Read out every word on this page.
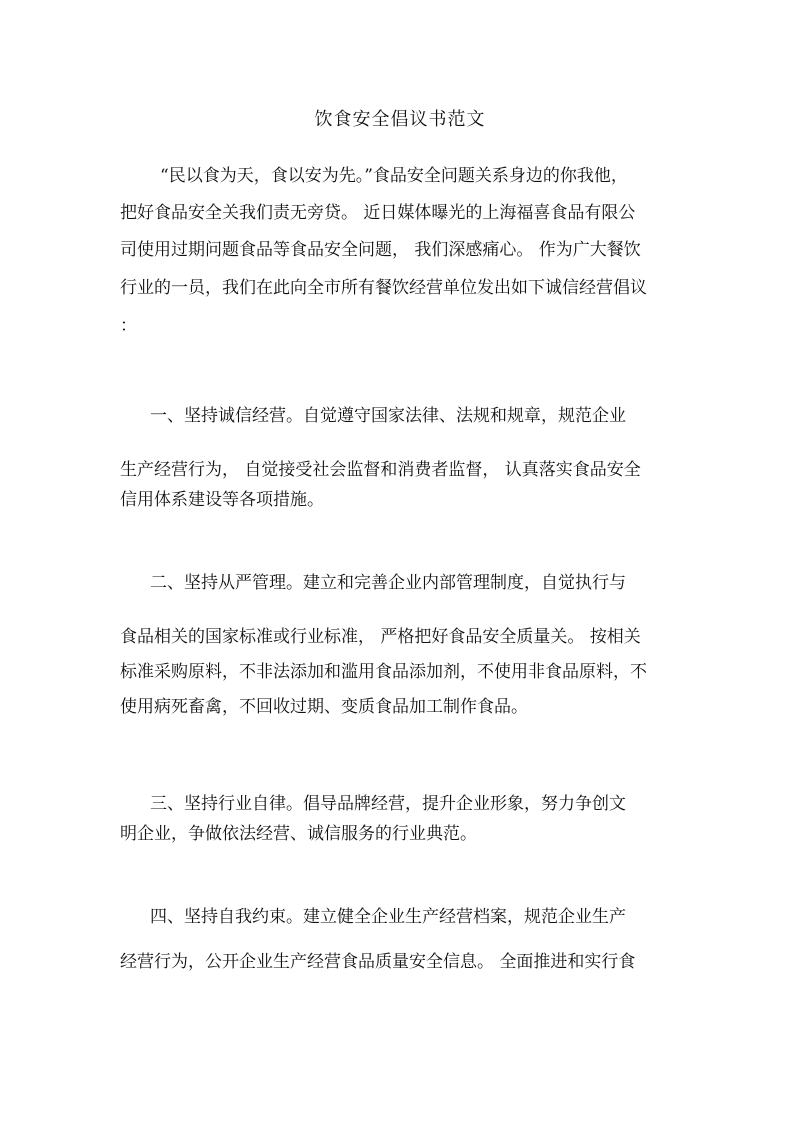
饮食安全倡议书范文
“民以食为天，食以安为先。”食品安全问题关系身边的你我他，
把好食品安全关我们责无旁贷。 近日媒体曝光的上海福喜食品有限公
司使用过期问题食品等食品安全问题， 我们深感痛心。 作为广大餐饮
行业的一员，我们在此向全市所有餐饮经营单位发出如下诚信经营倡议
：
一、坚持诚信经营。自觉遵守国家法律、法规和规章，规范企业
生产经营行为， 自觉接受社会监督和消费者监督， 认真落实食品安全
信用体系建设等各项措施。
二、坚持从严管理。建立和完善企业内部管理制度，自觉执行与
食品相关的国家标准或行业标准， 严格把好食品安全质量关。 按相关
标准采购原料，不非法添加和滥用食品添加剂，不使用非食品原料，不
使用病死畜禽，不回收过期、变质食品加工制作食品。
三、坚持行业自律。倡导品牌经营，提升企业形象，努力争创文
明企业，争做依法经营、诚信服务的行业典范。
四、坚持自我约束。建立健全企业生产经营档案，规范企业生产
经营行为，公开企业生产经营食品质量安全信息。 全面推进和实行食
